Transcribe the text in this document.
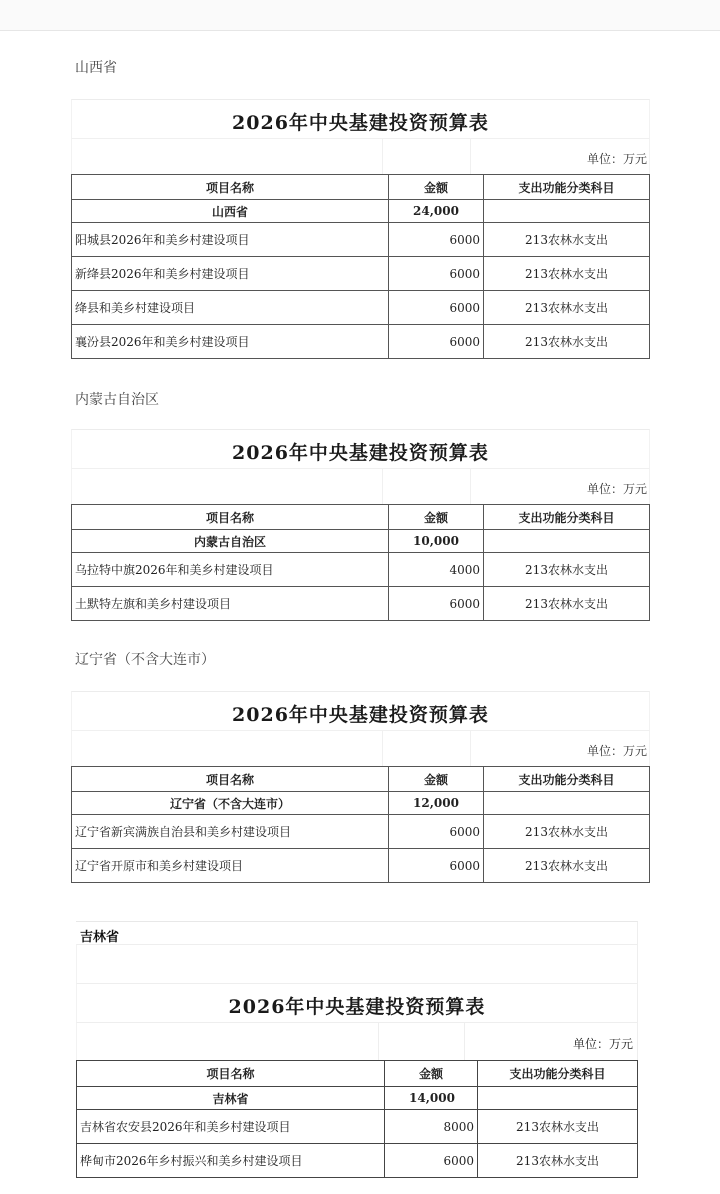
山西省
2026年中央基建投资预算表
单位：万元
项目名称	金额	支出功能分类科目
山西省	24,000	
阳城县2026年和美乡村建设项目	6000	213农林水支出
新绛县2026年和美乡村建设项目	6000	213农林水支出
绛县和美乡村建设项目	6000	213农林水支出
襄汾县2026年和美乡村建设项目	6000	213农林水支出
内蒙古自治区
2026年中央基建投资预算表
单位：万元
项目名称	金额	支出功能分类科目
内蒙古自治区	10,000	
乌拉特中旗2026年和美乡村建设项目	4000	213农林水支出
土默特左旗和美乡村建设项目	6000	213农林水支出
辽宁省（不含大连市）
2026年中央基建投资预算表
单位：万元
项目名称	金额	支出功能分类科目
辽宁省（不含大连市）	12,000	
辽宁省新宾满族自治县和美乡村建设项目	6000	213农林水支出
辽宁省开原市和美乡村建设项目	6000	213农林水支出
吉林省
2026年中央基建投资预算表
单位：万元
项目名称	金额	支出功能分类科目
吉林省	14,000	
吉林省农安县2026年和美乡村建设项目	8000	213农林水支出
桦甸市2026年乡村振兴和美乡村建设项目	6000	213农林水支出
